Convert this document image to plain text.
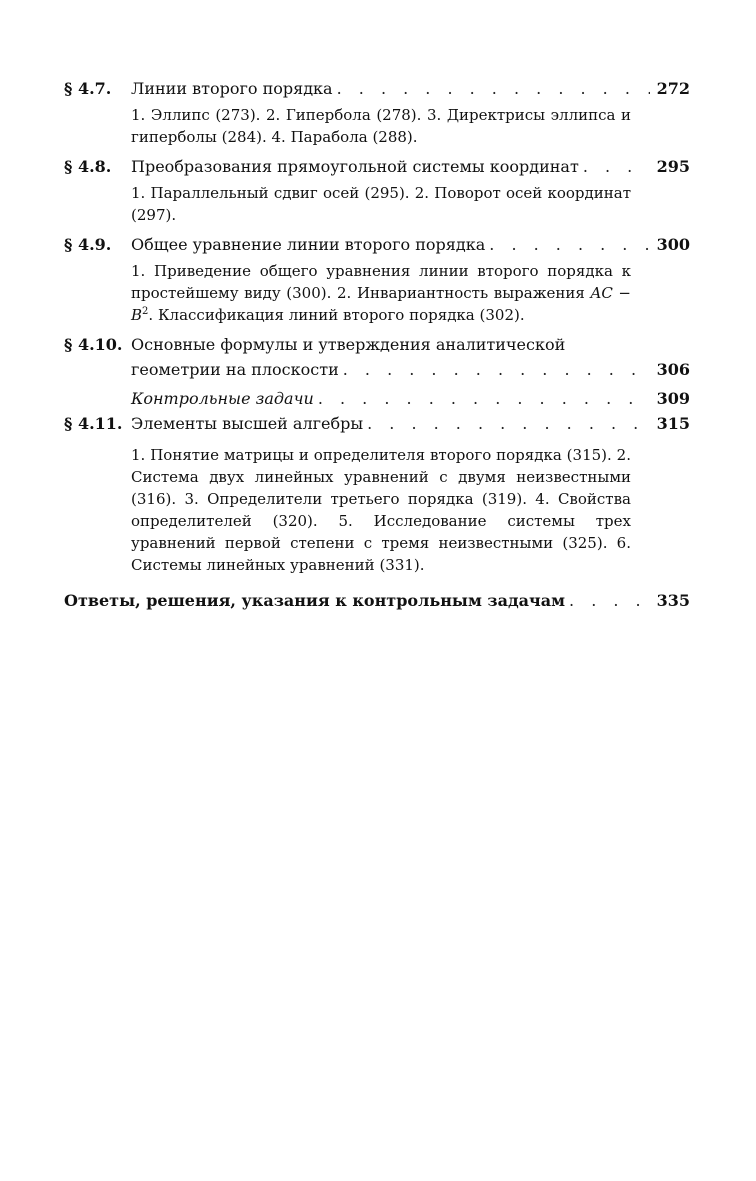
§ 4.7.	Линии второго порядка . . .	272
1. Эллипс (273). 2. Гипербола (278). 3. Директрисы эллипса и гиперболы (284). 4. Парабола (288).
§ 4.8.	Преобразования прямоугольной системы координат . . .	295
1. Параллельный сдвиг осей (295). 2. Поворот осей координат (297).
§ 4.9.	Общее уравнение линии второго порядка . . .	300
1. Приведение общего уравнения линии второго порядка к простейшему виду (300). 2. Инвариантность выражения AC − $B^2$. Классификация линий второго порядка (302).
§ 4.10. Основные формулы и утверждения аналитической
геометрии на плоскости . . .	306
Контрольные задачи . . .	309
§ 4.11. Элементы высшей алгебры . . .	315
1. Понятие матрицы и определителя второго порядка (315). 2. Система двух линейных уравнений с двумя неизвестными (316). 3. Определители третьего порядка (319). 4. Свойства определителей (320). 5. Исследование системы трех уравнений первой степени с тремя неизвестными (325). 6. Системы линейных уравнений (331).
Ответы, решения, указания к контрольным задачам . . .	335
